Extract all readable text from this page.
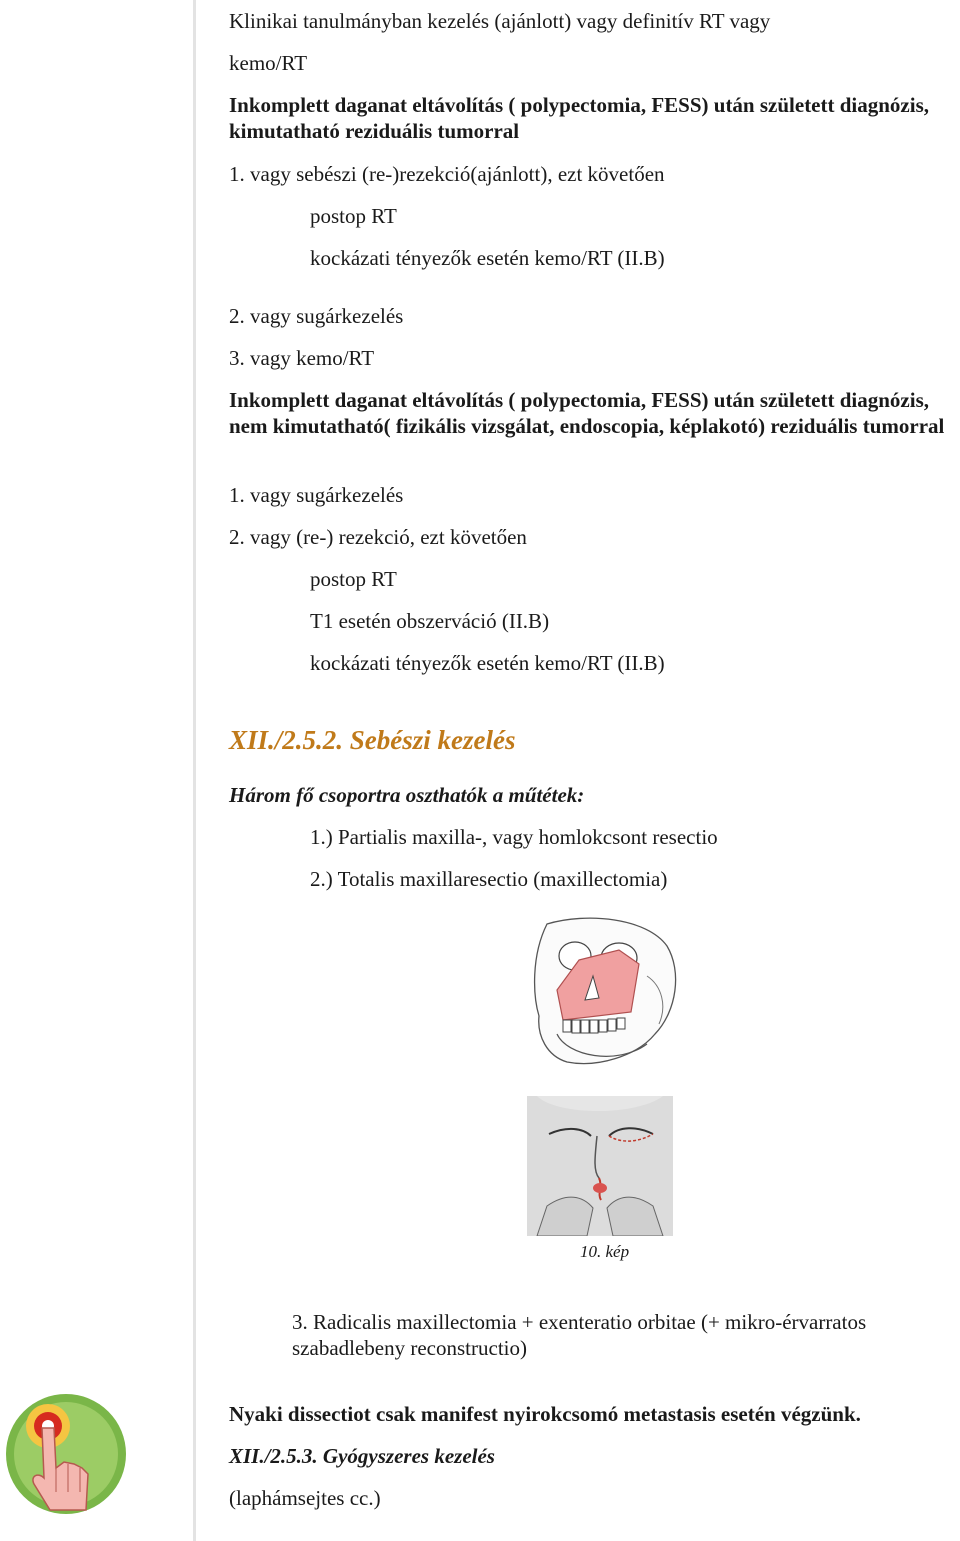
Klinikai tanulmányban kezelés (ajánlott) vagy definitív RT vagy

kemo/RT

Inkomplett daganat eltávolítás ( polypectomia, FESS) után született diagnózis, kimutatható reziduális tumorral

1. vagy sebészi (re-)rezekció(ajánlott), ezt követően

postop RT

kockázati tényezők esetén kemo/RT (II.B)

2. vagy sugárkezelés

3. vagy kemo/RT

Inkomplett daganat eltávolítás ( polypectomia, FESS) után született diagnózis, nem kimutatható( fizikális vizsgálat, endoscopia, képlakotó) reziduális tumorral

1. vagy sugárkezelés

2. vagy (re-) rezekció, ezt követően

postop RT

T1 esetén obszerváció (II.B)

kockázati tényezők esetén kemo/RT (II.B)

XII./2.5.2. Sebészi kezelés

Három fő csoportra oszthatók a műtétek:

1.) Partialis maxilla-, vagy homlokcsont resectio

2.) Totalis maxillaresectio (maxillectomia)

10. kép

3. Radicalis maxillectomia + exenteratio orbitae (+ mikro-érvarratos szabadlebeny reconstructio)

Nyaki dissectiot csak manifest nyirokcsomó metastasis esetén végzünk.

XII./2.5.3. Gyógyszeres kezelés

(laphámsejtes cc.)
